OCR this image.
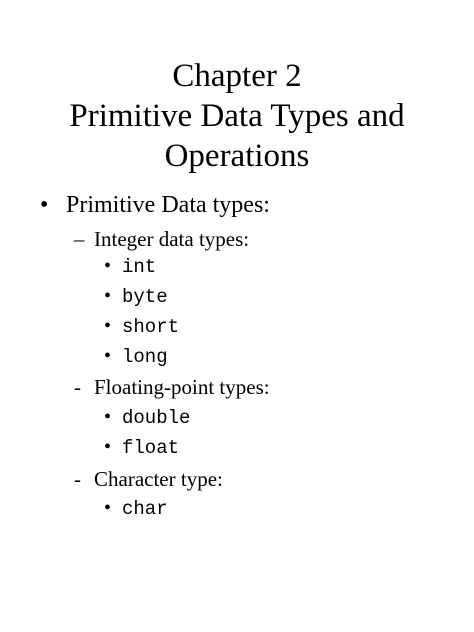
Chapter 2
Primitive Data Types and
Operations
• Primitive Data types:
– Integer data types:
• int
• byte
• short
• long
- Floating-point types:
• double
• float
- Character type:
• char
